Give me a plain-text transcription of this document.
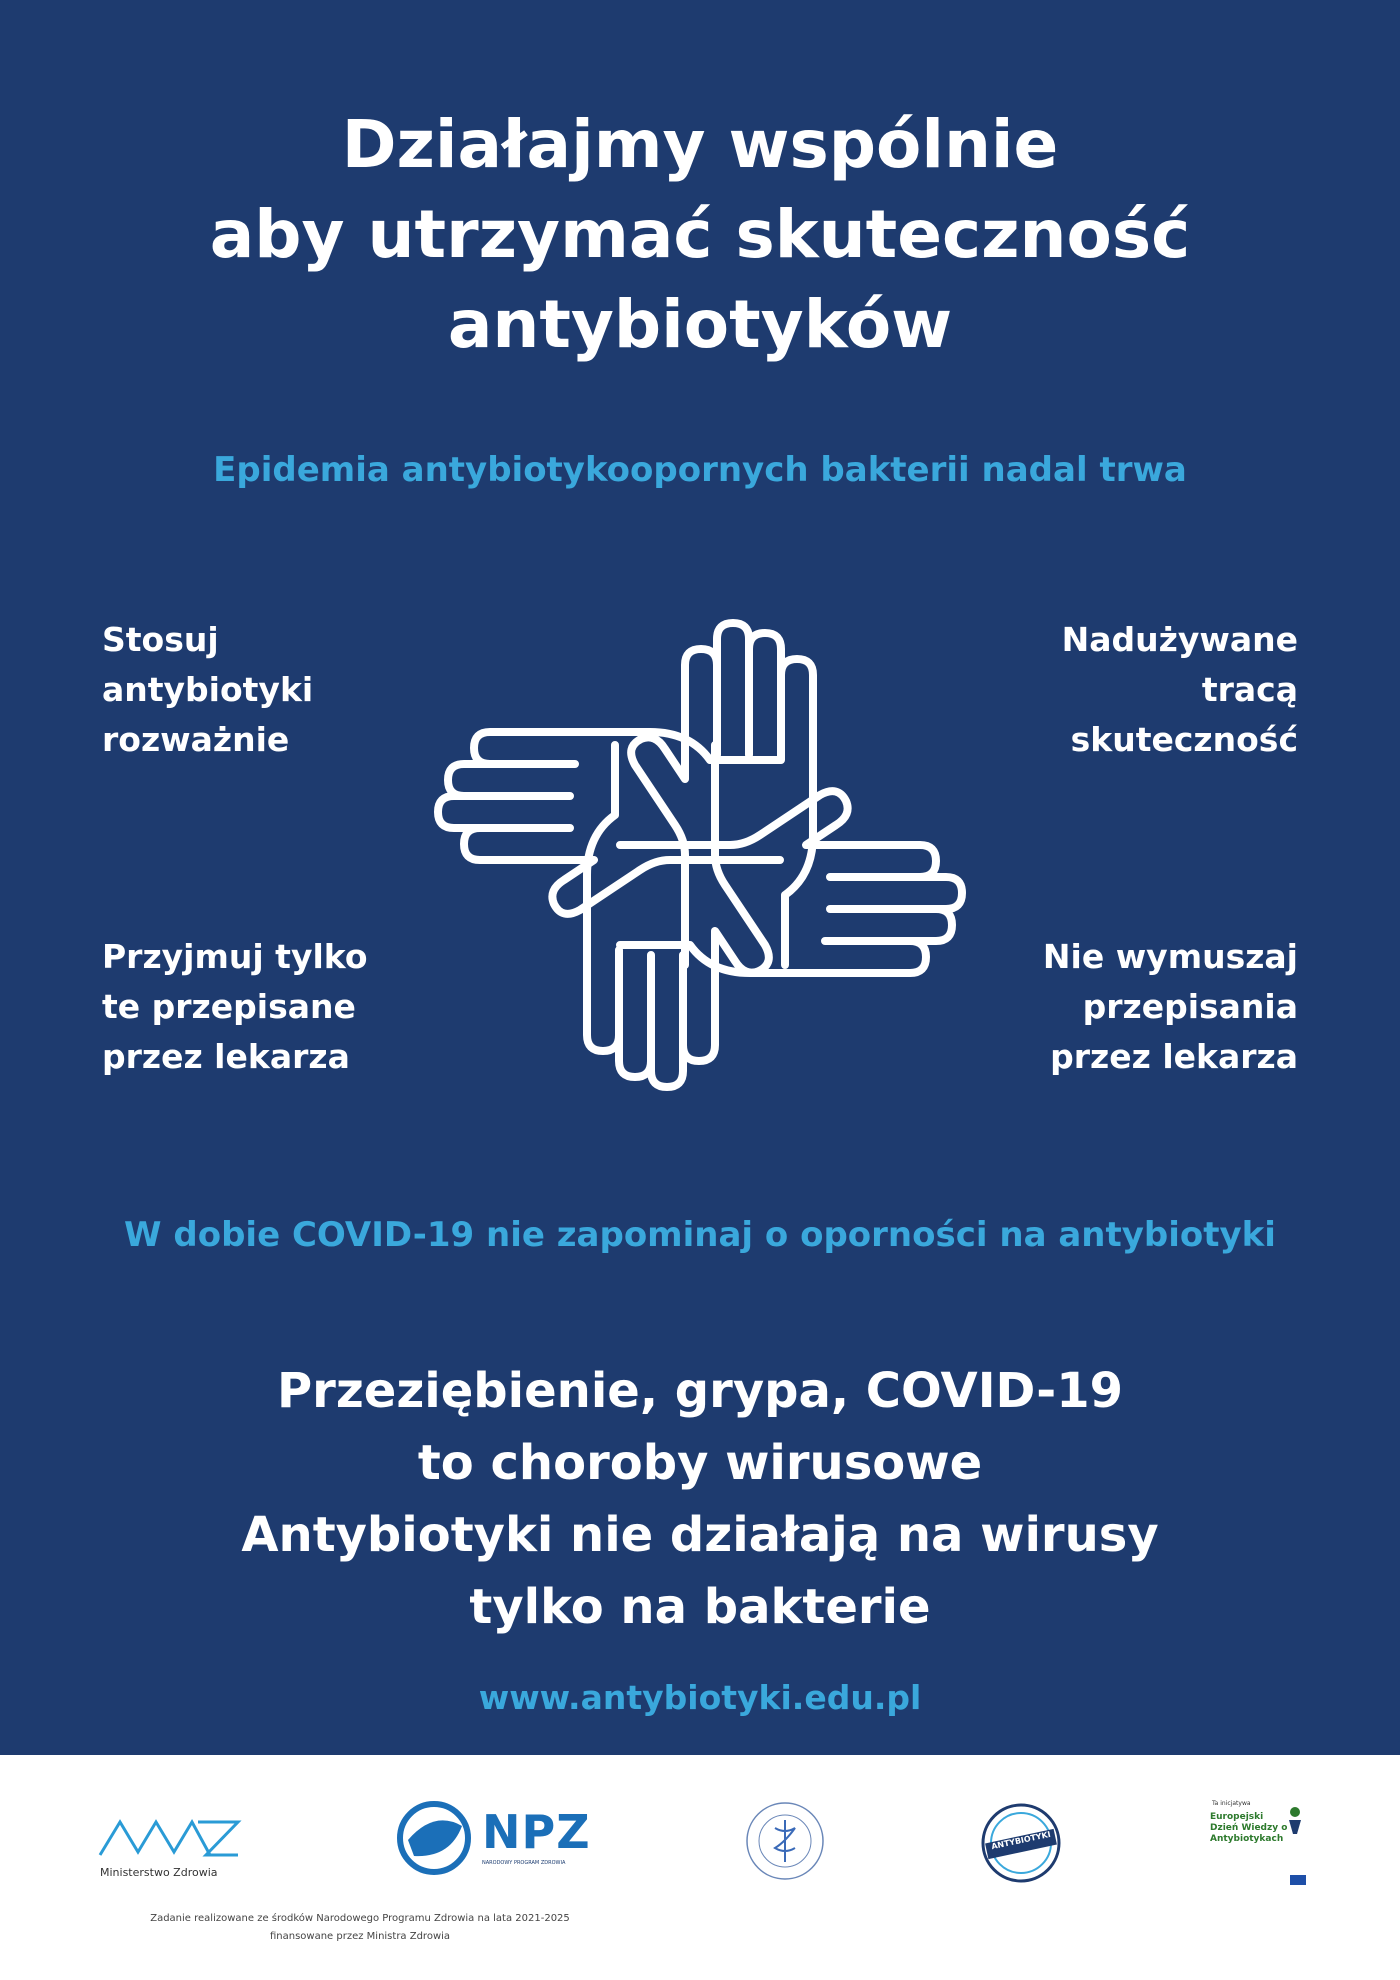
Działajmy wspólnie
aby utrzymać skuteczność
antybiotyków
Epidemia antybiotykoopornych bakterii nadal trwa
Stosuj
antybiotyki
rozważnie
Nadużywane
tracą
skuteczność
Przyjmuj tylko
te przepisane
przez lekarza
Nie wymuszaj
przepisania
przez lekarza
W dobie COVID-19 nie zapominaj o oporności na antybiotyki
Przeziębienie, grypa, COVID-19
to choroby wirusowe
Antybiotyki nie działają na wirusy
tylko na bakterie
www.antybiotyki.edu.pl
Ministerstwo Zdrowia
NPZ
NARODOWY PROGRAM ZDROWIA
ANTYBIOTYKI
Ta inicjatywa
Europejski
Dzień Wiedzy o
Antybiotykach
Zadanie realizowane ze środków Narodowego Programu Zdrowia na lata 2021-2025
finansowane przez Ministra Zdrowia
